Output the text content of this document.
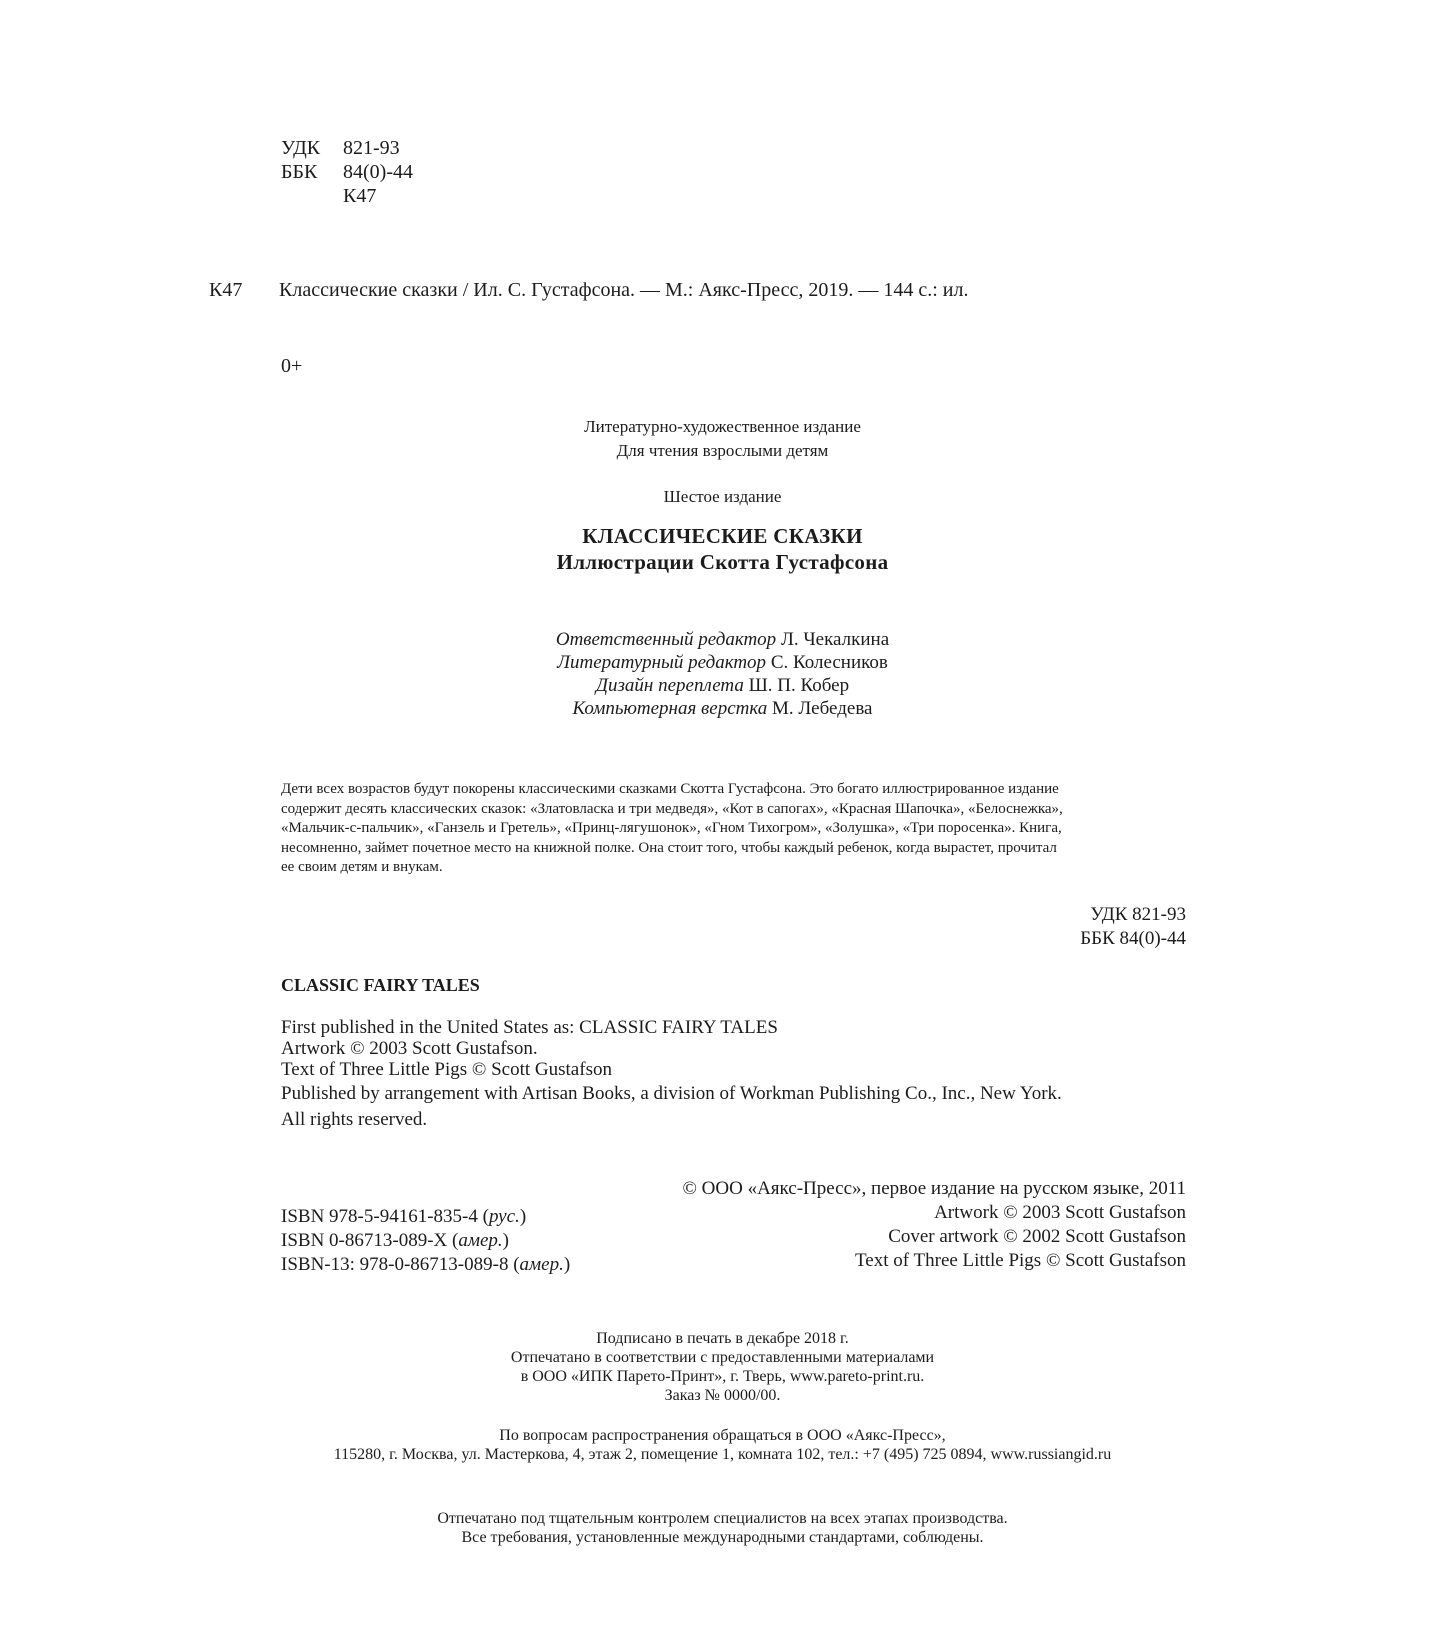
УДК	821-93
ББК	84(0)-44
К47
К47 Классические сказки / Ил. С. Густафсона. — М.: Аякс-Пресс, 2019. — 144 с.: ил.
0+
Литературно-художественное издание
Для чтения взрослыми детям
Шестое издание
КЛАССИЧЕСКИЕ СКАЗКИ
Иллюстрации Скотта Густафсона
Ответственный редактор Л. Чекалкина
Литературный редактор С. Колесников
Дизайн переплета Ш. П. Кобер
Компьютерная верстка М. Лебедева
Дети всех возрастов будут покорены классическими сказками Скотта Густафсона. Это богато иллюстрированное издание
содержит десять классических сказок: «Златовласка и три медведя», «Кот в сапогах», «Красная Шапочка», «Белоснежка»,
«Мальчик-с-пальчик», «Ганзель и Гретель», «Принц-лягушонок», «Гном Тихогром», «Золушка», «Три поросенка». Книга,
несомненно, займет почетное место на книжной полке. Она стоит того, чтобы каждый ребенок, когда вырастет, прочитал
ее своим детям и внукам.
УДК 821-93
ББК 84(0)-44
CLASSIC FAIRY TALES
First published in the United States as: CLASSIC FAIRY TALES
Artwork © 2003 Scott Gustafson.
Text of Three Little Pigs © Scott Gustafson
Published by arrangement with Artisan Books, a division of Workman Publishing Co., Inc., New York.
All rights reserved.
© ООО «Аякс-Пресс», первое издание на русском языке, 2011
Artwork © 2003 Scott Gustafson
Cover artwork © 2002 Scott Gustafson
Text of Three Little Pigs © Scott Gustafson
ISBN 978-5-94161-835-4 (рус.)
ISBN 0-86713-089-X (амер.)
ISBN-13: 978-0-86713-089-8 (амер.)
Подписано в печать в декабре 2018 г.
Отпечатано в соответствии с предоставленными материалами
в ООО «ИПК Парето-Принт», г. Тверь, www.pareto-print.ru.
Заказ № 0000/00.
По вопросам распространения обращаться в ООО «Аякс-Пресс»,
115280, г. Москва, ул. Мастеркова, 4, этаж 2, помещение 1, комната 102, тел.: +7 (495) 725 0894, www.russiangid.ru
Отпечатано под тщательным контролем специалистов на всех этапах производства.
Все требования, установленные международными стандартами, соблюдены.
